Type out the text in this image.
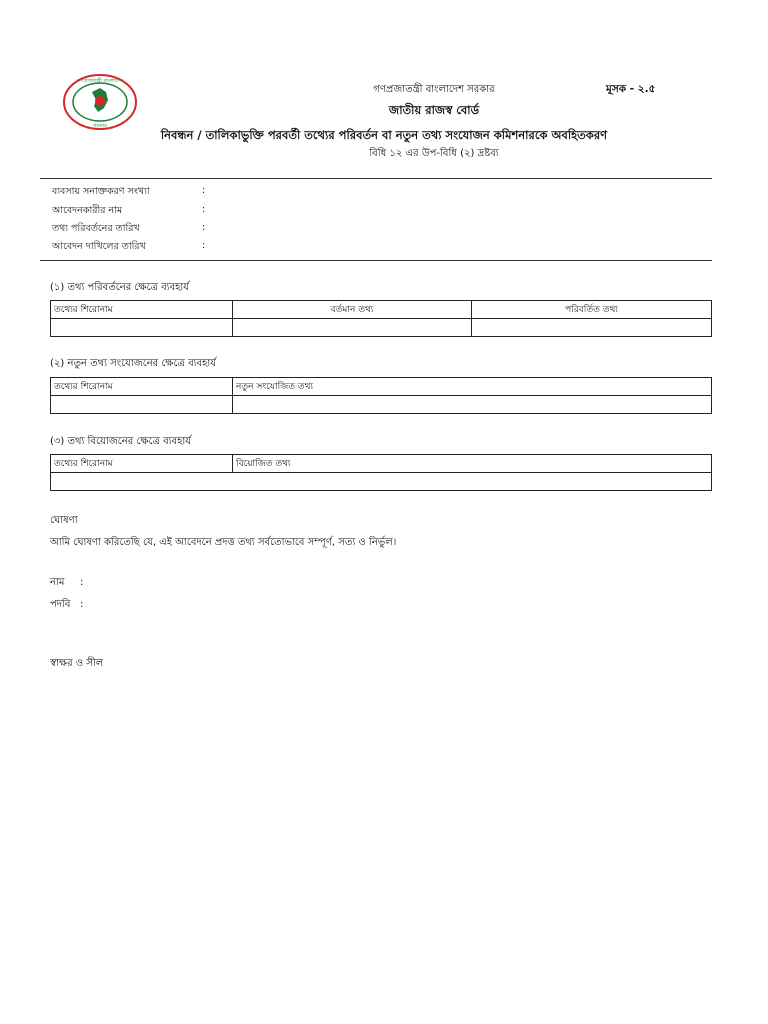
গণপ্রজাতন্ত্রী বাংলাদেশ
সরকার
গণপ্রজাতন্ত্রী বাংলাদেশ সরকার
জাতীয় রাজস্ব বোর্ড
নিবন্ধন / তালিকাভুক্তি পরবর্তী তথ্যের পরিবর্তন বা নতুন তথ্য সংযোজন কমিশনারকে অবহিতকরণ
বিধি ১২ এর উপ-বিধি (২) দ্রষ্টব্য
মূসক - ২.৫
ব্যবসায় সনাক্তকরণ সংখ্যা	:
আবেদনকারীর নাম	:
তথ্য পরিবর্তনের তারিখ	:
আবেদন দাখিলের তারিখ	:
(১) তথ্য পরিবর্তনের ক্ষেত্রে ব্যবহার্য
তথ্যের শিরোনাম	বর্তমান তথ্য	পরিবর্তিত তথ্য

(২) নতুন তথ্য সংযোজনের ক্ষেত্রে ব্যবহার্য
তথ্যের শিরোনাম	নতুন সংযোজিত তথ্য

(৩) তথ্য বিয়োজনের ক্ষেত্রে ব্যবহার্য
তথ্যের শিরোনাম	বিয়োজিত তথ্য

ঘোষণা
আমি ঘোষণা করিতেছি যে, এই আবেদনে প্রদত্ত তথ্য সর্বতোভাবে সম্পূর্ণ, সত্য ও নির্ভুল।
নাম :
পদবি :
স্বাক্ষর ও সীল
